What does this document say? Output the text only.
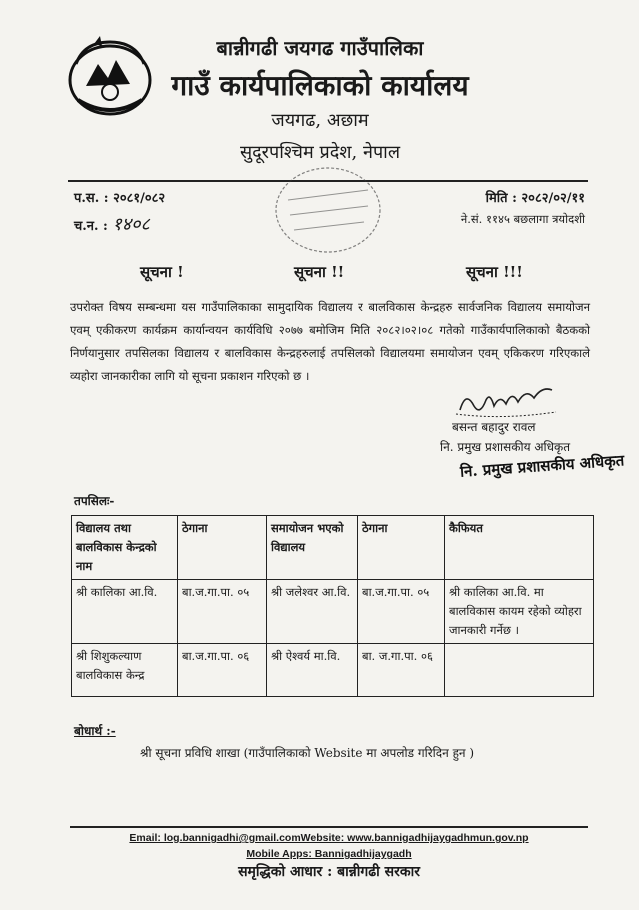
बान्नीगढी जयगढ गाउँपालिका
गाउँ कार्यपालिकाको कार्यालय
जयगढ, अछाम
सुदूरपश्चिम प्रदेश, नेपाल
प.स. : २०८१/०८२
च.न. : १४०८
मिति : २०८२/०२/११
ने.सं. ११४५ बछलागा त्रयोदशी
सूचना !	सूचना !!	सूचना !!!
उपरोक्त विषय सम्बन्धमा यस गाउँपालिकाका सामुदायिक विद्यालय र बालविकास केन्द्रहरु सार्वजनिक विद्यालय समायोजन एवम् एकीकरण कार्यक्रम कार्यान्वयन कार्यविधि २०७७ बमोजिम मिति २०८२।०२।०८ गतेको गाउँकार्यपालिकाको बैठकको निर्णयानुसार तपसिलका विद्यालय र बालविकास केन्द्रहरुलाई तपसिलको विद्यालयमा समायोजन एवम् एकिकरण गरिएकाले व्यहोरा जानकारीका लागि यो सूचना प्रकाशन गरिएको छ ।
बसन्त बहादुर रावल
नि. प्रमुख प्रशासकीय अधिकृत
नि. प्रमुख प्रशासकीय अधिकृत
तपसिलः-
विद्यालय तथा बालविकास केन्द्रको नाम	ठेगाना	समायोजन भएको विद्यालय	ठेगाना	कैफियत
श्री कालिका आ.वि.	बा.ज.गा.पा. ०५	श्री जलेश्वर आ.वि.	बा.ज.गा.पा. ०५	श्री कालिका आ.वि. मा बालविकास कायम रहेको व्योहरा जानकारी गर्नेछ ।
श्री शिशुकल्याण बालविकास केन्द्र	बा.ज.गा.पा. ०६	श्री ऐश्वर्य मा.वि.	बा. ज.गा.पा. ०६	
बोधार्थ :-
श्री सूचना प्रविधि शाखा (गाउँपालिकाको Website मा अपलोड गरिदिन हुन )
Email: log.bannigadhi@gmail.comWebsite: www.bannigadhijaygadhmun.gov.np
Mobile Apps: Bannigadhijaygadh
समृद्धिको आधार : बान्नीगढी सरकार
